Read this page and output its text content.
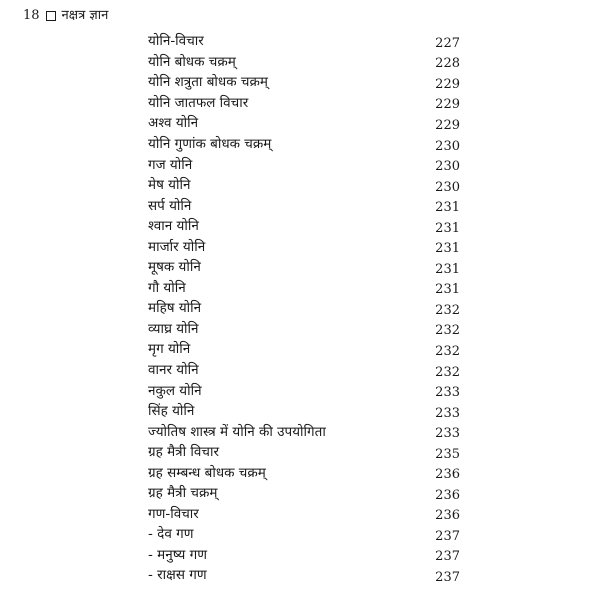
18 नक्षत्र ज्ञान
योनि-विचार	227
योनि बोधक चक्रम्	228
योनि शत्रुता बोधक चक्रम्	229
योनि जातफल विचार	229
अश्व योनि	229
योनि गुणांक बोधक चक्रम्	230
गज योनि	230
मेष योनि	230
सर्प योनि	231
श्वान योनि	231
मार्जार योनि	231
मूषक योनि	231
गौ योनि	231
महिष योनि	232
व्याघ्र योनि	232
मृग योनि	232
वानर योनि	232
नकुल योनि	233
सिंह योनि	233
ज्योतिष शास्त्र में योनि की उपयोगिता	233
ग्रह मैत्री विचार	235
ग्रह सम्बन्ध बोधक चक्रम्	236
ग्रह मैत्री चक्रम्	236
गण-विचार	236
- देव गण	237
- मनुष्य गण	237
- राक्षस गण	237
